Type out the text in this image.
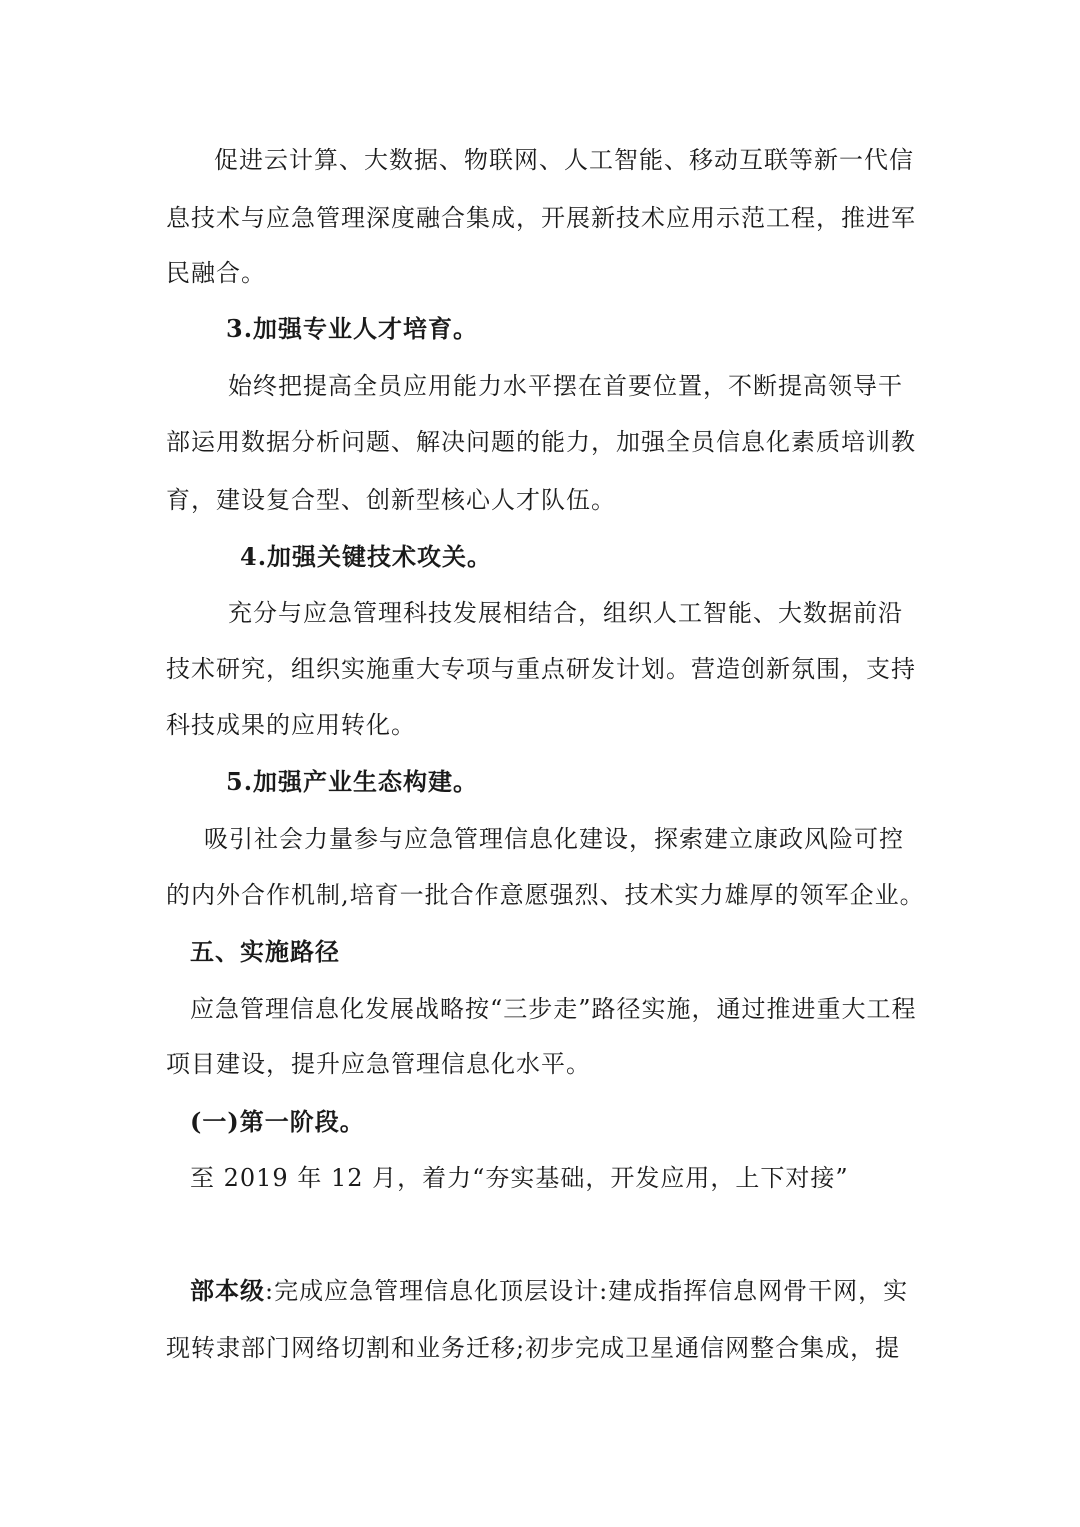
促进云计算、大数据、物联网、人工智能、移动互联等新一代信
息技术与应急管理深度融合集成，开展新技术应用示范工程，推进军
民融合。
3.加强专业人才培育。
始终把提高全员应用能力水平摆在首要位置，不断提高领导干
部运用数据分析问题、解决问题的能力，加强全员信息化素质培训教
育，建设复合型、创新型核心人才队伍。
4.加强关键技术攻关。
充分与应急管理科技发展相结合，组织人工智能、大数据前沿
技术研究，组织实施重大专项与重点研发计划。营造创新氛围，支持
科技成果的应用转化。
5.加强产业生态构建。
吸引社会力量参与应急管理信息化建设，探索建立康政风险可控
的内外合作机制,培育一批合作意愿强烈、技术实力雄厚的领军企业。
五、实施路径
应急管理信息化发展战略按“三步走”路径实施，通过推进重大工程
项目建设，提升应急管理信息化水平。
(一)第一阶段。
至 2019 年 12 月，着力“夯实基础，开发应用，上下对接”
部本级:完成应急管理信息化顶层设计:建成指挥信息网骨干网，实
现转隶部门网络切割和业务迁移;初步完成卫星通信网整合集成，提
